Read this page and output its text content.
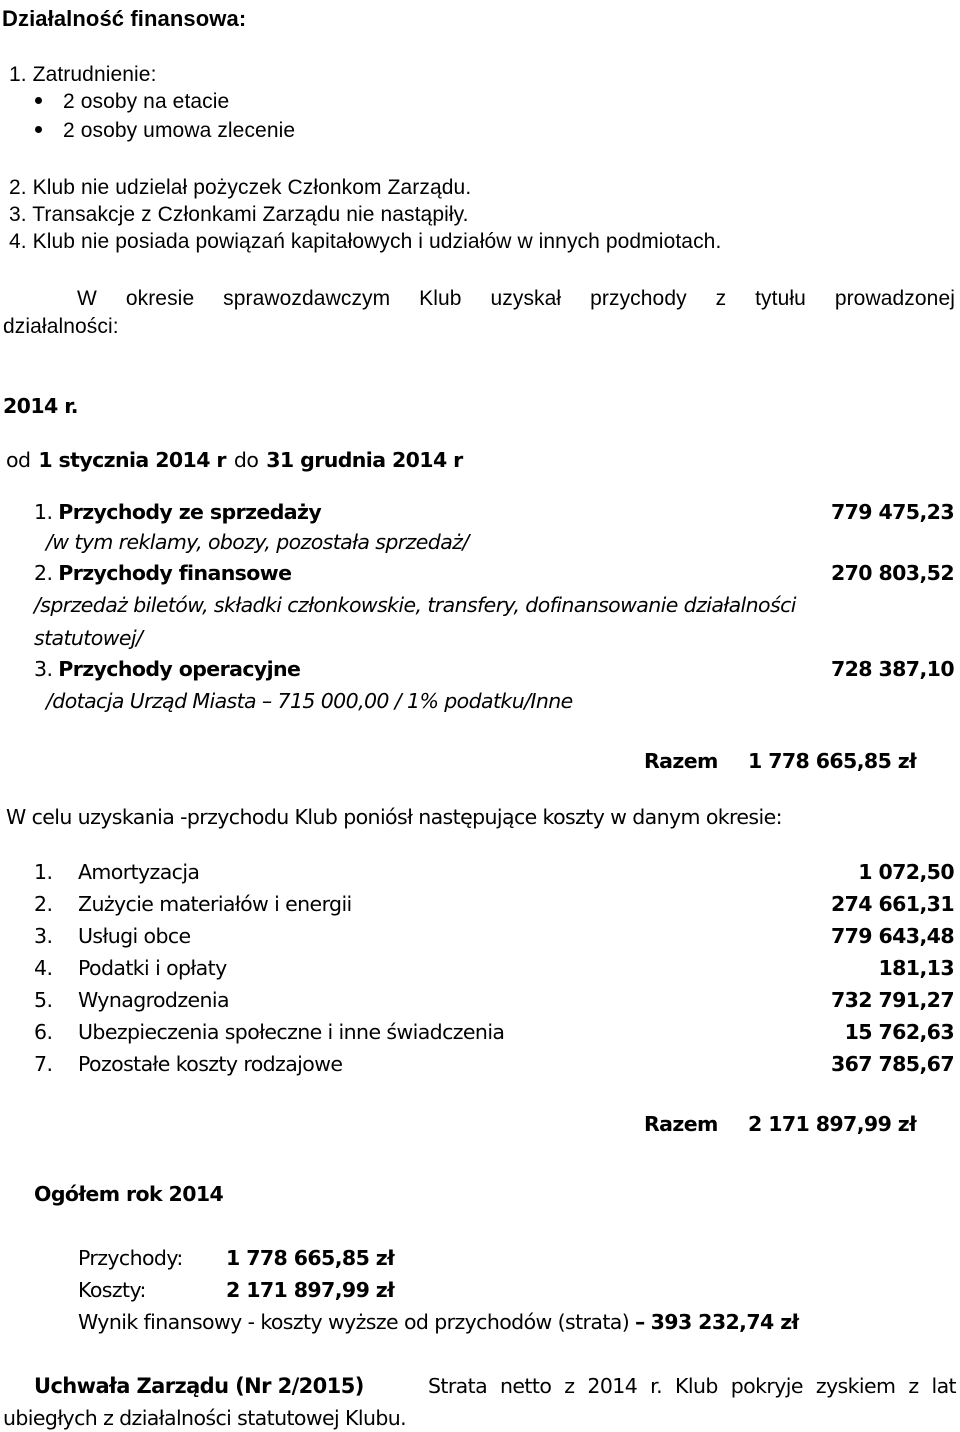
Działalność finansowa:
1. Zatrudnienie:
2 osoby na etacie
2 osoby umowa zlecenie
2. Klub nie udzielał pożyczek Członkom Zarządu.
3. Transakcje z Członkami Zarządu nie nastąpiły.
4. Klub nie posiada powiązań kapitałowych i udziałów w innych podmiotach.
W okresie sprawozdawczym Klub uzyskał przychody z tytułu prowadzonej
działalności:
2014 r.
od 1 stycznia 2014 r do 31 grudnia 2014 r
1. Przychody ze sprzedaży	779 475,23
/w tym reklamy, obozy, pozostała sprzedaż/
2. Przychody finansowe	270 803,52
/sprzedaż biletów, składki członkowskie, transfery, dofinansowanie działalności
statutowej/
3. Przychody operacyjne	728 387,10
/dotacja Urząd Miasta – 715 000,00 / 1% podatku/Inne
Razem 1 778 665,85 zł
W celu uzyskania -przychodu Klub poniósł następujące koszty w danym okresie:
1. Amortyzacja	1 072,50
2. Zużycie materiałów i energii	274 661,31
3. Usługi obce	779 643,48
4. Podatki i opłaty	181,13
5. Wynagrodzenia	732 791,27
6. Ubezpieczenia społeczne i inne świadczenia	15 762,63
7. Pozostałe koszty rodzajowe	367 785,67
Razem 2 171 897,99 zł
Ogółem rok 2014
Przychody: 1 778 665,85 zł
Koszty:	2 171 897,99 zł
Wynik finansowy - koszty wyższe od przychodów (strata) – 393 232,74 zł
Uchwała Zarządu (Nr 2/2015)	Strata netto z 2014 r. Klub pokryje zyskiem z lat
ubiegłych z działalności statutowej Klubu.
